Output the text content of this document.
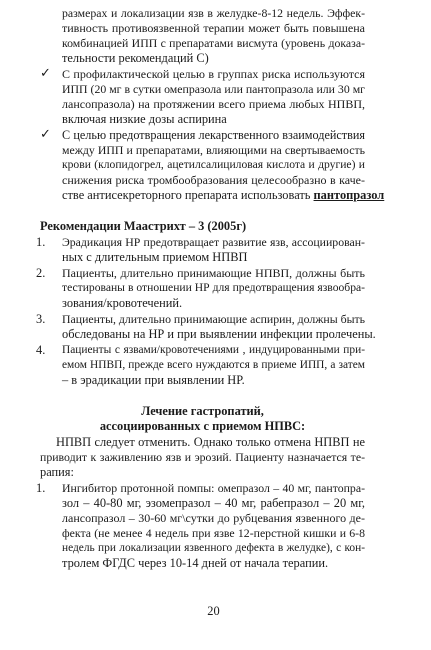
размерах и локализации язв в желудке-8-12 недель. Эффек-

тивность противоязвенной терапии может быть повышена

комбинацией ИПП с препаратами висмута (уровень доказа-

тельности рекомендаций С)

✓ С профилактической целью в группах риска используются

ИПП (20 мг в сутки омепразола или пантопразола или 30 мг

лансопразола) на протяжении всего приема любых НПВП,

включая низкие дозы аспирина

✓ С целью предотвращения лекарственного взаимодействия

между ИПП и препаратами, влияющими на свертываемость

крови (клопидогрел, ацетилсалициловая кислота и другие) и

снижения риска тромбообразования целесообразно в каче-

стве антисекреторного препарата использовать пантопразол

Рекомендации Маастрихт – 3 (2005г)

1. Эрадикация НР предотвращает развитие язв, ассоциирован-

ных с длительным приемом НПВП

2. Пациенты, длительно принимающие НПВП, должны быть

тестированы в отношении НР для предотвращения язвообра-

зования/кровотечений.

3. Пациенты, длительно принимающие аспирин, должны быть

обследованы на НР и при выявлении инфекции пролечены.

4. Пациенты с язвами/кровотечениями , индуцированными при-

емом НПВП, прежде всего нуждаются в приеме ИПП, а затем

– в эрадикации при выявлении НР.

Лечение гастропатий,

ассоциированных с приемом НПВС:

НПВП следует отменить. Однако только отмена НПВП не

приводит к заживлению язв и эрозий. Пациенту назначается те-

рапия:

1. Ингибитор протонной помпы: омепразол – 40 мг, пантопра-

зол – 40-80 мг, эзомепразол – 40 мг, рабепразол – 20 мг,

лансопразол – 30-60 мг\сутки до рубцевания язвенного де-

фекта (не менее 4 недель при язве 12-перстной кишки и 6-8

недель при локализации язвенного дефекта в желудке), с кон-

тролем ФГДС через 10-14 дней от начала терапии.

20
